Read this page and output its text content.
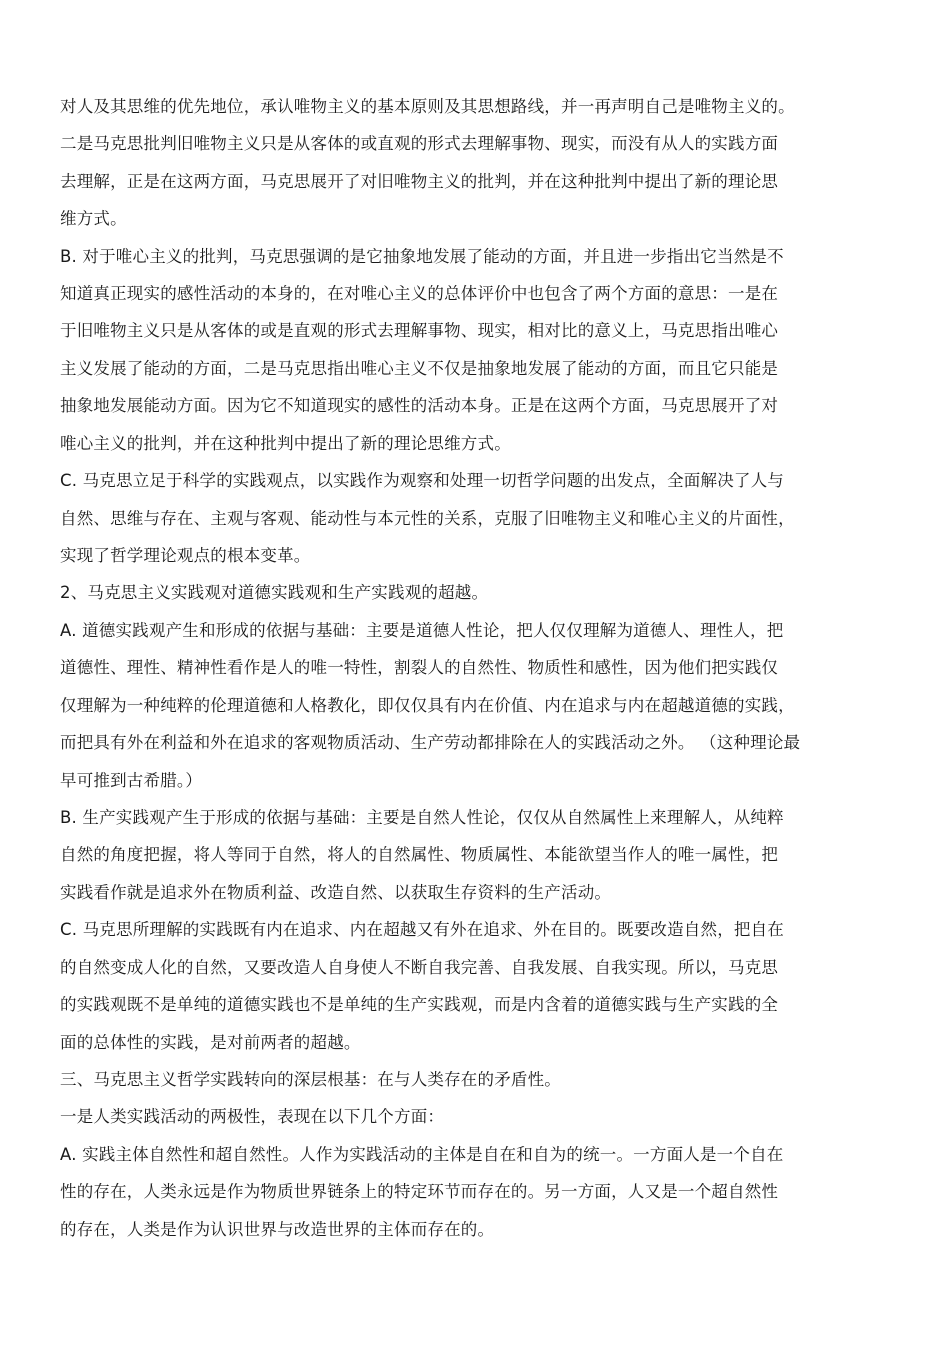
对人及其思维的优先地位，承认唯物主义的基本原则及其思想路线，并一再声明自己是唯物主义的。
二是马克思批判旧唯物主义只是从客体的或直观的形式去理解事物、现实，而没有从人的实践方面
去理解，正是在这两方面，马克思展开了对旧唯物主义的批判，并在这种批判中提出了新的理论思
维方式。
B. 对于唯心主义的批判，马克思强调的是它抽象地发展了能动的方面，并且进一步指出它当然是不
知道真正现实的感性活动的本身的，在对唯心主义的总体评价中也包含了两个方面的意思：一是在
于旧唯物主义只是从客体的或是直观的形式去理解事物、现实，相对比的意义上，马克思指出唯心
主义发展了能动的方面，二是马克思指出唯心主义不仅是抽象地发展了能动的方面，而且它只能是
抽象地发展能动方面。因为它不知道现实的感性的活动本身。正是在这两个方面，马克思展开了对
唯心主义的批判，并在这种批判中提出了新的理论思维方式。
C. 马克思立足于科学的实践观点，以实践作为观察和处理一切哲学问题的出发点，全面解决了人与
自然、思维与存在、主观与客观、能动性与本元性的关系，克服了旧唯物主义和唯心主义的片面性，
实现了哲学理论观点的根本变革。
2、马克思主义实践观对道德实践观和生产实践观的超越。
A. 道德实践观产生和形成的依据与基础：主要是道德人性论，把人仅仅理解为道德人、理性人，把
道德性、理性、精神性看作是人的唯一特性，割裂人的自然性、物质性和感性，因为他们把实践仅
仅理解为一种纯粹的伦理道德和人格教化，即仅仅具有内在价值、内在追求与内在超越道德的实践，
而把具有外在利益和外在追求的客观物质活动、生产劳动都排除在人的实践活动之外。 （这种理论最
早可推到古希腊。）
B. 生产实践观产生于形成的依据与基础：主要是自然人性论，仅仅从自然属性上来理解人，从纯粹
自然的角度把握，将人等同于自然，将人的自然属性、物质属性、本能欲望当作人的唯一属性，把
实践看作就是追求外在物质利益、改造自然、以获取生存资料的生产活动。
C. 马克思所理解的实践既有内在追求、内在超越又有外在追求、外在目的。既要改造自然，把自在
的自然变成人化的自然，又要改造人自身使人不断自我完善、自我发展、自我实现。所以，马克思
的实践观既不是单纯的道德实践也不是单纯的生产实践观，而是内含着的道德实践与生产实践的全
面的总体性的实践，是对前两者的超越。
三、马克思主义哲学实践转向的深层根基：在与人类存在的矛盾性。
一是人类实践活动的两极性，表现在以下几个方面：
A. 实践主体自然性和超自然性。人作为实践活动的主体是自在和自为的统一。一方面人是一个自在
性的存在，人类永远是作为物质世界链条上的特定环节而存在的。另一方面，人又是一个超自然性
的存在，人类是作为认识世界与改造世界的主体而存在的。
